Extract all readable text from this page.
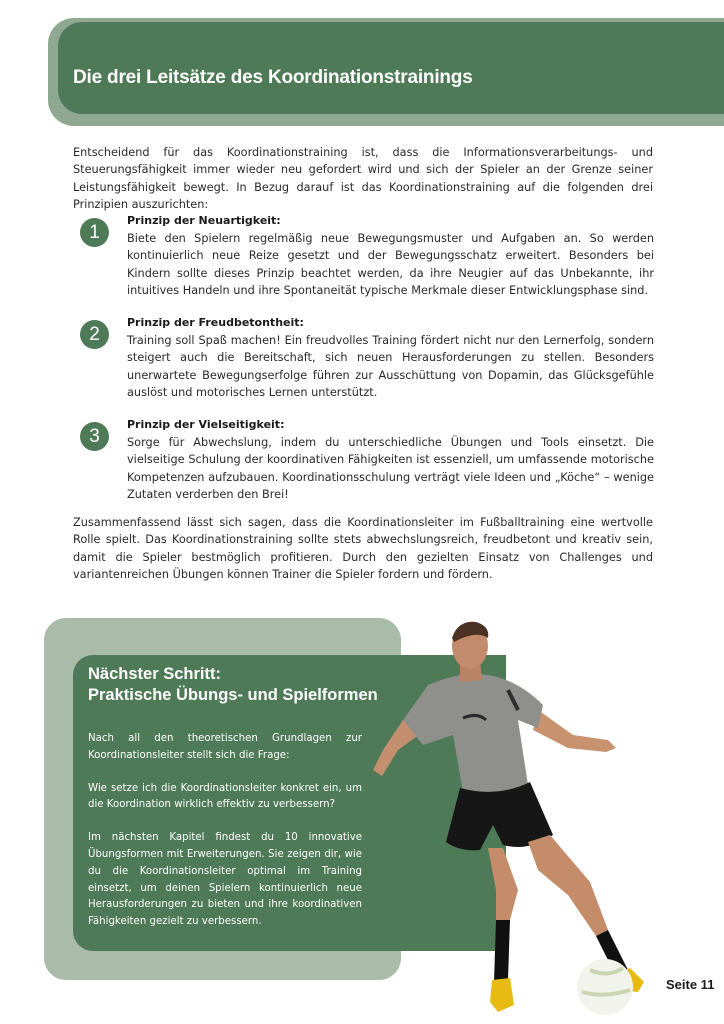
Die drei Leitsätze des Koordinationstrainings

Entscheidend für das Koordinationstraining ist, dass die Informationsverarbeitungs- und Steuerungsfähigkeit immer wieder neu gefordert wird und sich der Spieler an der Grenze seiner Leistungsfähigkeit bewegt. In Bezug darauf ist das Koordinationstraining auf die folgenden drei Prinzipien auszurichten:

1

Prinzip der Neuartigkeit:

Biete den Spielern regelmäßig neue Bewegungsmuster und Aufgaben an. So werden kontinuierlich neue Reize gesetzt und der Bewegungsschatz erweitert. Besonders bei Kindern sollte dieses Prinzip beachtet werden, da ihre Neugier auf das Unbekannte, ihr intuitives Handeln und ihre Spontaneität typische Merkmale dieser Entwicklungsphase sind.

2

Prinzip der Freudbetontheit:

Training soll Spaß machen! Ein freudvolles Training fördert nicht nur den Lernerfolg, sondern steigert auch die Bereitschaft, sich neuen Herausforderungen zu stellen. Besonders unerwartete Bewegungserfolge führen zur Ausschüttung von Dopamin, das Glücksgefühle auslöst und motorisches Lernen unterstützt.

3

Prinzip der Vielseitigkeit:

Sorge für Abwechslung, indem du unterschiedliche Übungen und Tools einsetzt. Die vielseitige Schulung der koordinativen Fähigkeiten ist essenziell, um umfassende motorische Kompetenzen aufzubauen. Koordinationsschulung verträgt viele Ideen und „Köche“ – wenige Zutaten verderben den Brei!

Zusammenfassend lässt sich sagen, dass die Koordinationsleiter im Fußballtraining eine wertvolle Rolle spielt. Das Koordinationstraining sollte stets abwechslungsreich, freudbetont und kreativ sein, damit die Spieler bestmöglich profitieren. Durch den gezielten Einsatz von Challenges und variantenreichen Übungen können Trainer die Spieler fordern und fördern.

Nächster Schritt:
Praktische Übungs- und Spielformen

Nach all den theoretischen Grundlagen zur Koordinationsleiter stellt sich die Frage:

Wie setze ich die Koordinationsleiter konkret ein, um die Koordination wirklich effektiv zu verbessern?

Im nächsten Kapitel findest du 10 innovative Übungsformen mit Erweiterungen. Sie zeigen dir, wie du die Koordinationsleiter optimal im Training einsetzt, um deinen Spielern kontinuierlich neue Herausforderungen zu bieten und ihre koordinativen Fähigkeiten gezielt zu verbessern.

Seite 11
